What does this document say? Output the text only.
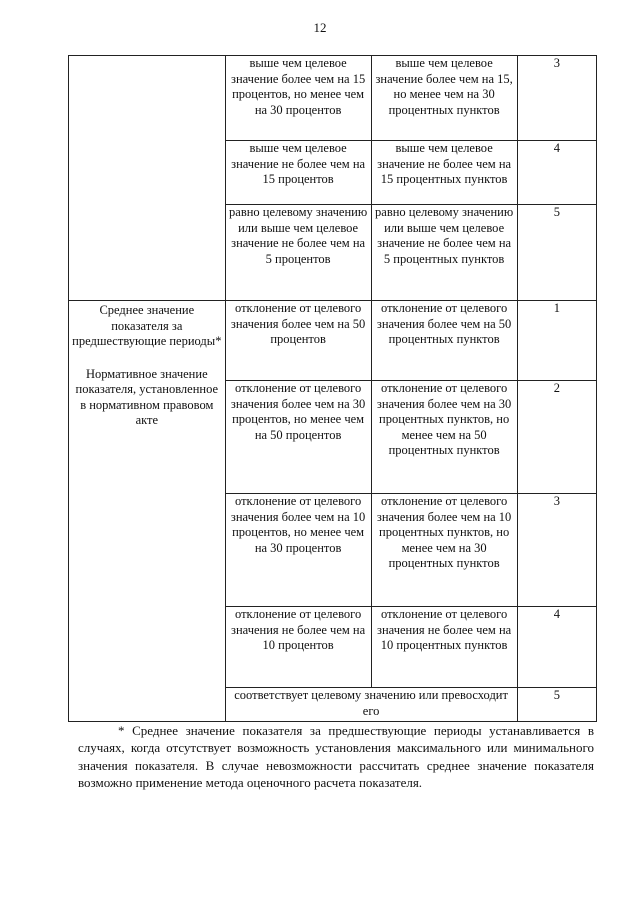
12
	выше чем целевое значение более чем на 15 процентов, но менее чем на 30 процентов	выше чем целевое значение более чем на 15, но менее чем на 30 процентных пунктов	3
	выше чем целевое значение не более чем на 15 процентов	выше чем целевое значение не более чем на 15 процентных пунктов	4
	равно целевому значению или выше чем целевое значение не более чем на 5 процентов	равно целевому значению или выше чем целевое значение не более чем на 5 процентных пунктов	5

Среднее значение показателя за предшествующие периоды*
Нормативное значение показателя, установленное в нормативном правовом акте	отклонение от целевого значения более чем на 50 процентов	отклонение от целевого значения более чем на 50 процентных пунктов	1
	отклонение от целевого значения более чем на 30 процентов, но менее чем на 50 процентов	отклонение от целевого значения более чем на 30 процентных пунктов, но менее чем на 50 процентных пунктов	2
	отклонение от целевого значения более чем на 10 процентов, но менее чем на 30 процентов	отклонение от целевого значения более чем на 10 процентных пунктов, но менее чем на 30 процентных пунктов	3
	отклонение от целевого значения не более чем на 10 процентов	отклонение от целевого значения не более чем на 10 процентных пунктов	4
	соответствует целевому значению или превосходит его		5
* Среднее значение показателя за предшествующие периоды устанавливается в случаях, когда отсутствует возможность установления максимального или минимального значения показателя. В случае невозможности рассчитать среднее значение показателя возможно применение метода оценочного расчета показателя.
